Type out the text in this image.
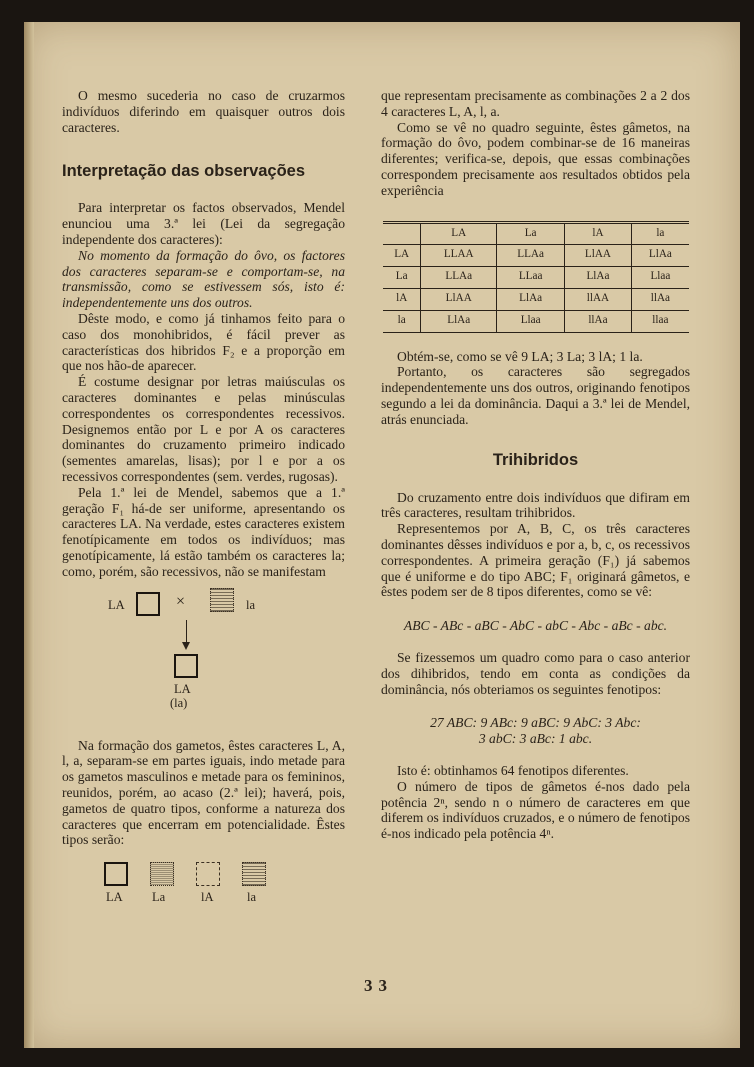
O mesmo sucederia no caso de cruzarmos indivíduos diferindo em quaisquer outros dois caracteres.

Interpretação das observações

Para interpretar os factos observados, Mendel enunciou uma 3.ª lei (Lei da segregação independente dos caracteres):

No momento da formação do ôvo, os factores dos caracteres separam-se e comportam-se, na transmissão, como se estivessem sós, isto é: independentemente uns dos outros.

Dêste modo, e como já tinhamos feito para o caso dos monohibridos, é fácil prever as características dos hibridos F₂ e a proporção em que nos hão-de aparecer.

É costume designar por letras maiúsculas os caracteres dominantes e pelas minúsculas correspondentes os correspondentes recessivos. Designemos então por L e por A os caracteres dominantes do cruzamento primeiro indicado (sementes amarelas, lisas); por l e por a os recessivos correspondentes (sem. verdes, rugosas).

Pela 1.ª lei de Mendel, sabemos que a 1.ª geração F₁ há-de ser uniforme, apresentando os caracteres LA. Na verdade, estes caracteres existem fenotípicamente em todos os indivíduos; mas genotípicamente, lá estão também os caracteres la; como, porém, são recessivos, não se manifestam

LA	×	la
LA
(la)

Na formação dos gametos, êstes caracteres L, A, l, a, separam-se em partes iguais, indo metade para os gametos masculinos e metade para os femininos, reunidos, porém, ao acaso (2.ª lei); haverá, pois, gametos de quatro tipos, conforme a natureza dos caracteres que encerram em potencialidade. Êstes tipos serão:

LA La	lA	la

que representam precisamente as combinações 2 a 2 dos 4 caracteres L, A, l, a.

Como se vê no quadro seguinte, êstes gâmetos, na formação do ôvo, podem combinar-se de 16 maneiras diferentes; verifica-se, depois, que essas combinações correspondem precisamente aos resultados obtidos pela experiência

	LA	La	lA	la
LA	LLAA	LLAa	LlAA	LlAa
La	LLAa	LLaa	LlAa	Llaa
lA	LlAA	LlAa	llAA	llAa
la	LlAa	Llaa	llAa	llaa

Obtém-se, como se vê 9 LA; 3 La; 3 lA; 1 la.

Portanto, os caracteres são segregados independentemente uns dos outros, originando fenotipos segundo a lei da dominância. Daqui a 3.ª lei de Mendel, atrás enunciada.

Trihibridos

Do cruzamento entre dois indivíduos que difiram em três caracteres, resultam trihibridos.

Representemos por A, B, C, os três caracteres dominantes dêsses indivíduos e por a, b, c, os recessivos correspondentes. A primeira geração (F₁) já sabemos que é uniforme e do tipo ABC; F₁ originará gâmetos, e êstes podem ser de 8 tipos diferentes, como se vê:

ABC - ABc - aBC - AbC - abC - Abc - aBc - abc.

Se fizessemos um quadro como para o caso anterior dos dihibridos, tendo em conta as condições da dominância, nós obteriamos os seguintes fenotipos:

27 ABC: 9 ABc: 9 aBC: 9 AbC: 3 Abc:
3 abC: 3 aBc: 1 abc.

Isto é: obtinhamos 64 fenotipos diferentes.

O número de tipos de gâmetos é-nos dado pela potência 2ⁿ, sendo n o número de caracteres em que diferem os indivíduos cruzados, e o número de fenotipos é-nos indicado pela potência 4ⁿ.

33
